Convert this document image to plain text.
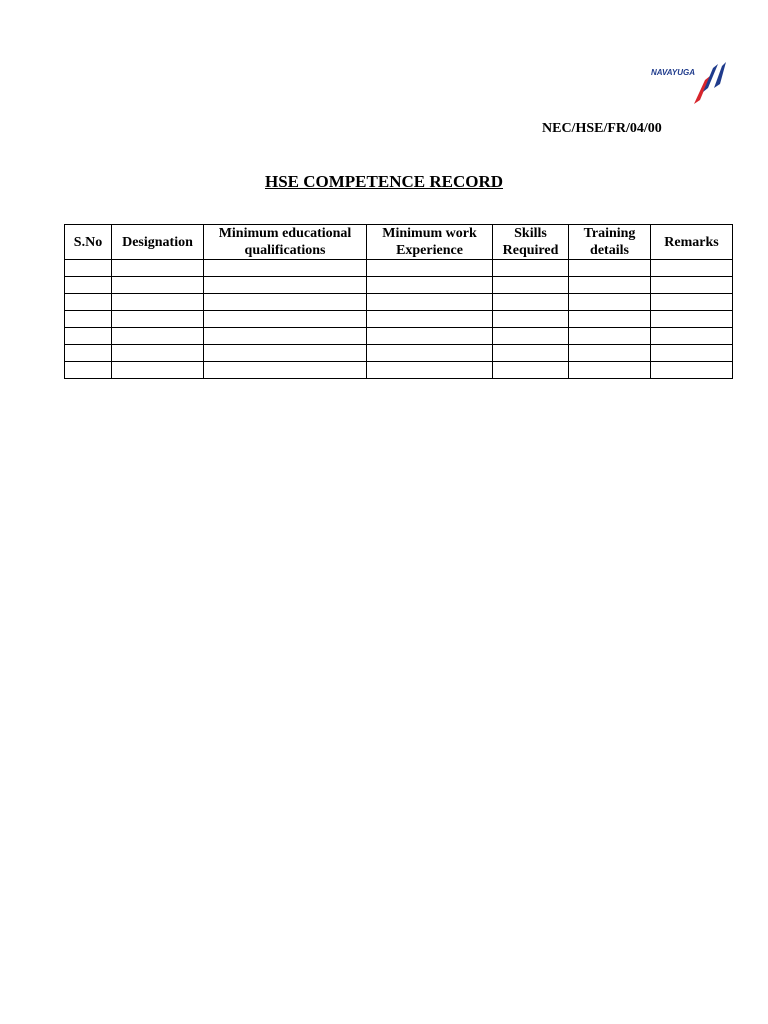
NAVAYUGA
NEC/HSE/FR/04/00
HSE COMPETENCE RECORD
S.No	Designation	Minimum educational qualifications	Minimum work Experience	Skills Required	Training details	Remarks
